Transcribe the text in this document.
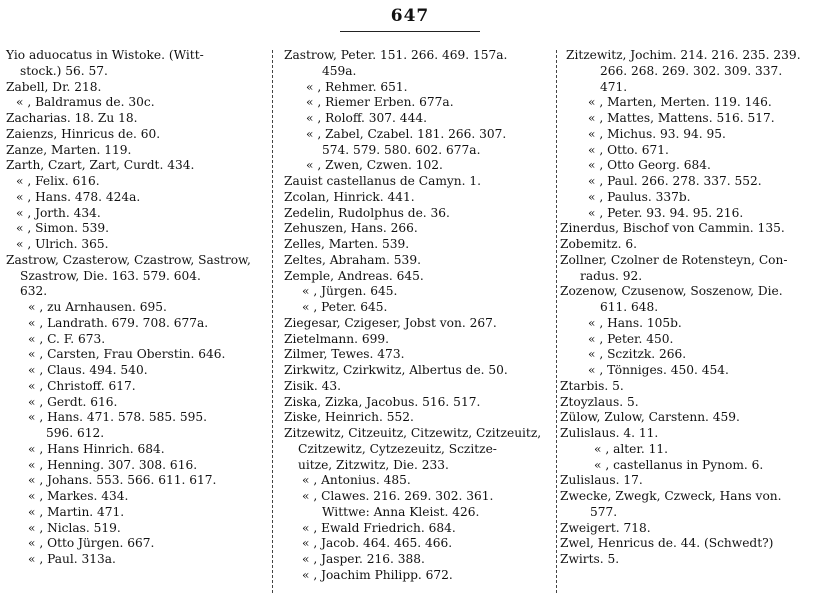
647
Yio aduocatus in Wistoke. (Witt-
stock.) 56. 57.
Zabell, Dr. 218.
« , Baldramus de. 30c.
Zacharias. 18. Zu 18.
Zaienzs, Hinricus de. 60.
Zanze, Marten. 119.
Zarth, Czart, Zart, Curdt. 434.
« , Felix. 616.
« , Hans. 478. 424a.
« , Jorth. 434.
« , Simon. 539.
« , Ulrich. 365.
Zastrow, Czasterow, Czastrow, Sastrow,
Szastrow, Die. 163. 579. 604.
632.
« , zu Arnhausen. 695.
« , Landrath. 679. 708. 677a.
« , C. F. 673.
« , Carsten, Frau Oberstin. 646.
« , Claus. 494. 540.
« , Christoff. 617.
« , Gerdt. 616.
« , Hans. 471. 578. 585. 595.
596. 612.
« , Hans Hinrich. 684.
« , Henning. 307. 308. 616.
« , Johans. 553. 566. 611. 617.
« , Markes. 434.
« , Martin. 471.
« , Niclas. 519.
« , Otto Jürgen. 667.
« , Paul. 313a.
Zastrow, Peter. 151. 266. 469. 157a.
459a.
« , Rehmer. 651.
« , Riemer Erben. 677a.
« , Roloff. 307. 444.
« , Zabel, Czabel. 181. 266. 307.
574. 579. 580. 602. 677a.
« , Zwen, Czwen. 102.
Zauist castellanus de Camyn. 1.
Zcolan, Hinrick. 441.
Zedelin, Rudolphus de. 36.
Zehuszen, Hans. 266.
Zelles, Marten. 539.
Zeltes, Abraham. 539.
Zemple, Andreas. 645.
« , Jürgen. 645.
« , Peter. 645.
Ziegesar, Czigeser, Jobst von. 267.
Zietelmann. 699.
Zilmer, Tewes. 473.
Zirkwitz, Czirkwitz, Albertus de. 50.
Zisik. 43.
Ziska, Zizka, Jacobus. 516. 517.
Ziske, Heinrich. 552.
Zitzewitz, Citzeuitz, Citzewitz, Czitzeuitz,
Czitzewitz, Cytzezeuitz, Sczitze-
uitze, Zitzwitz, Die. 233.
« , Antonius. 485.
« , Clawes. 216. 269. 302. 361.
Wittwe: Anna Kleist. 426.
« , Ewald Friedrich. 684.
« , Jacob. 464. 465. 466.
« , Jasper. 216. 388.
« , Joachim Philipp. 672.
Zitzewitz, Jochim. 214. 216. 235. 239.
266. 268. 269. 302. 309. 337.
471.
« , Marten, Merten. 119. 146.
« , Mattes, Mattens. 516. 517.
« , Michus. 93. 94. 95.
« , Otto. 671.
« , Otto Georg. 684.
« , Paul. 266. 278. 337. 552.
« , Paulus. 337b.
« , Peter. 93. 94. 95. 216.
Zinerdus, Bischof von Cammin. 135.
Zobemitz. 6.
Zollner, Czolner de Rotensteyn, Con-
radus. 92.
Zozenow, Czusenow, Soszenow, Die.
611. 648.
« , Hans. 105b.
« , Peter. 450.
« , Sczitzk. 266.
« , Tönniges. 450. 454.
Ztarbis. 5.
Ztoyzlaus. 5.
Zülow, Zulow, Carstenn. 459.
Zulislaus. 4. 11.
« , alter. 11.
« , castellanus in Pynom. 6.
Zulislaus. 17.
Zwecke, Zwegk, Czweck, Hans von.
577.
Zweigert. 718.
Zwel, Henricus de. 44. (Schwedt?)
Zwirts. 5.
